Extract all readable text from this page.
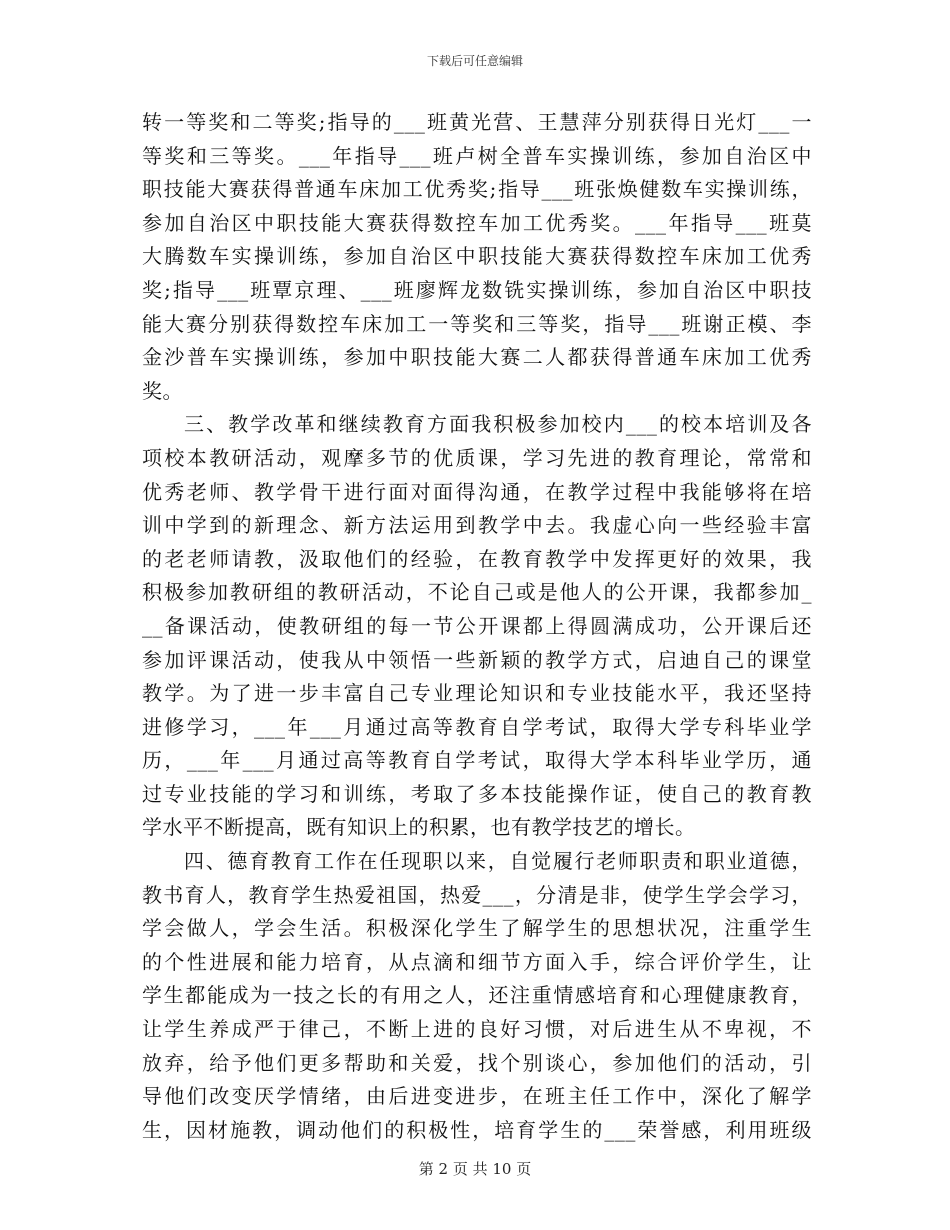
下载后可任意编辑
转一等奖和二等奖;指导的___班黄光营、王慧萍分别获得日光灯___一
等奖和三等奖。___年指导___班卢树全普车实操训练，参加自治区中
职技能大赛获得普通车床加工优秀奖;指导___班张焕健数车实操训练，
参加自治区中职技能大赛获得数控车加工优秀奖。___年指导___班莫
大腾数车实操训练，参加自治区中职技能大赛获得数控车床加工优秀
奖;指导___班覃京理、___班廖辉龙数铣实操训练，参加自治区中职技
能大赛分别获得数控车床加工一等奖和三等奖，指导___班谢正模、李
金沙普车实操训练，参加中职技能大赛二人都获得普通车床加工优秀
奖。
三、教学改革和继续教育方面我积极参加校内___的校本培训及各
项校本教研活动，观摩多节的优质课，学习先进的教育理论，常常和
优秀老师、教学骨干进行面对面得沟通，在教学过程中我能够将在培
训中学到的新理念、新方法运用到教学中去。我虚心向一些经验丰富
的老老师请教，汲取他们的经验，在教育教学中发挥更好的效果，我
积极参加教研组的教研活动，不论自己或是他人的公开课，我都参加_
__备课活动，使教研组的每一节公开课都上得圆满成功，公开课后还
参加评课活动，使我从中领悟一些新颖的教学方式，启迪自己的课堂
教学。为了进一步丰富自己专业理论知识和专业技能水平，我还坚持
进修学习，___年___月通过高等教育自学考试，取得大学专科毕业学
历，___年___月通过高等教育自学考试，取得大学本科毕业学历，通
过专业技能的学习和训练，考取了多本技能操作证，使自己的教育教
学水平不断提高，既有知识上的积累，也有教学技艺的增长。
四、德育教育工作在任现职以来，自觉履行老师职责和职业道德，
教书育人，教育学生热爱祖国，热爱___，分清是非，使学生学会学习，
学会做人，学会生活。积极深化学生了解学生的思想状况，注重学生
的个性进展和能力培育，从点滴和细节方面入手，综合评价学生，让
学生都能成为一技之长的有用之人，还注重情感培育和心理健康教育，
让学生养成严于律己，不断上进的良好习惯，对后进生从不卑视，不
放弃，给予他们更多帮助和关爱，找个别谈心，参加他们的活动，引
导他们改变厌学情绪，由后进变进步，在班主任工作中，深化了解学
生，因材施教，调动他们的积极性，培育学生的___荣誉感，利用班级
第 2 页 共 10 页
